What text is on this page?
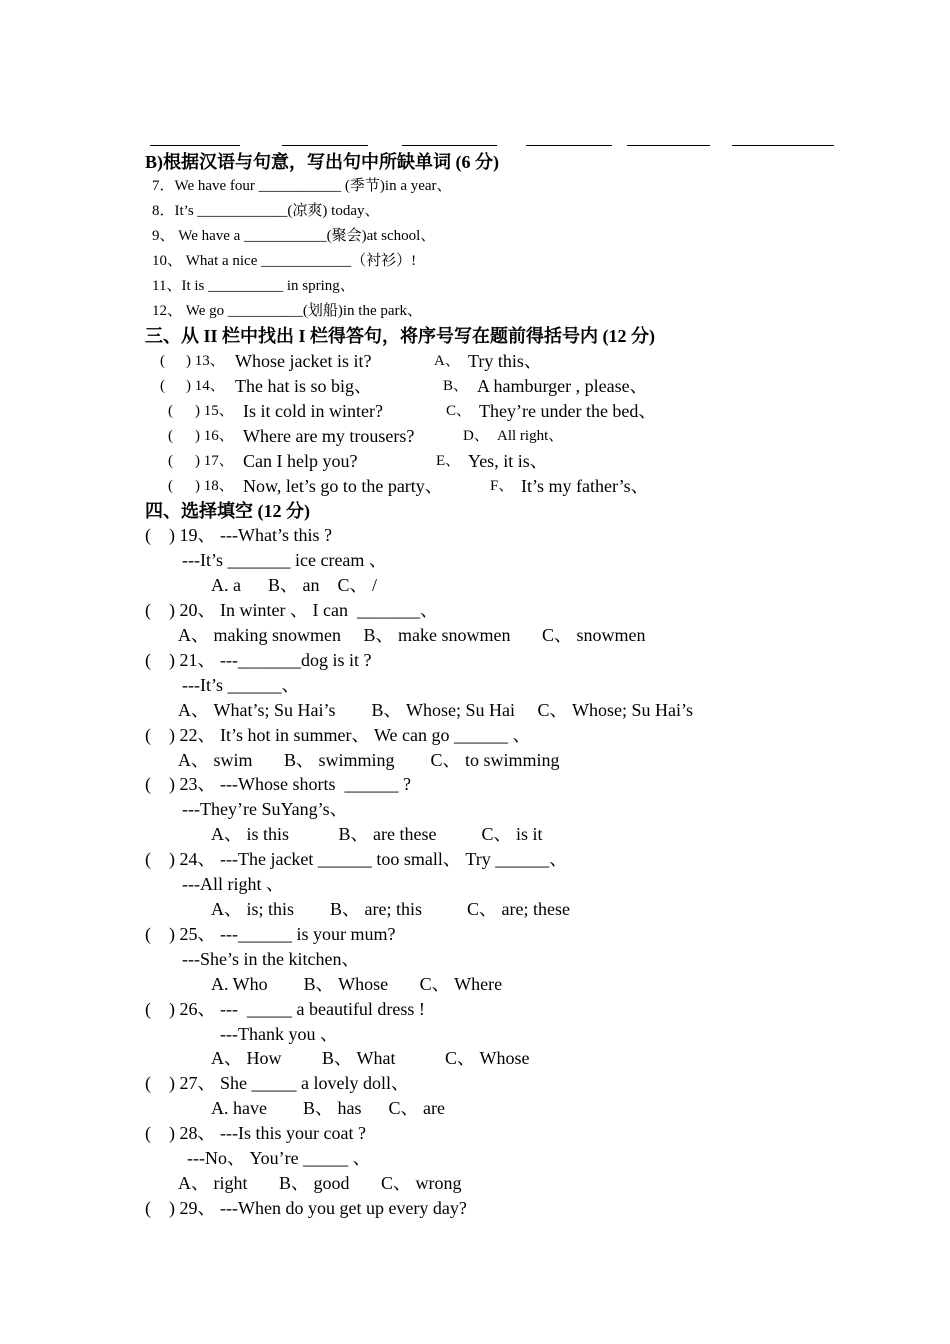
B)根据汉语与句意，写出句中所缺单词 (6 分)
7．We have four ___________ (季节)in a year、
8．It’s ____________(凉爽) today、
9、 We have a ___________(聚会)at school、
10、 What a nice ____________（衬衫）!
11、It is __________ in spring、
12、 We go __________(划船)in the park、
三、从 II 栏中找出 I 栏得答句，将序号写在题前得括号内 (12 分)
( ) 13、 Whose jacket is it?	A、 Try this、
( ) 14、 The hat is so big、	B、 A hamburger , please、
( ) 15、 Is it cold in winter?	C、 They’re under the bed、
( ) 16、 Where are my trousers?	D、 All right、
( ) 17、 Can I help you?	E、 Yes, it is、
( ) 18、 Now, let’s go to the party、	F、 It’s my father’s、
四、选择填空 (12 分)
(    ) 19、 ---What’s this ?
---It’s _______ ice cream 、
A. a      B、 an    C、 /
(    ) 20、 In winter 、 I can  _______、
A、 making snowmen     B、 make snowmen       C、 snowmen
(    ) 21、 ---_______dog is it ?
---It’s ______、
A、 What’s; Su Hai’s        B、 Whose; Su Hai     C、 Whose; Su Hai’s
(    ) 22、 It’s hot in summer、 We can go ______ 、
A、 swim       B、 swimming        C、 to swimming
(    ) 23、 ---Whose shorts  ______ ?
---They’re SuYang’s、
A、 is this           B、 are these          C、 is it
(    ) 24、 ---The jacket ______ too small、 Try ______、
---All right 、
A、 is; this        B、 are; this          C、 are; these
(    ) 25、 ---______ is your mum?
---She’s in the kitchen、
A. Who        B、 Whose       C、 Where
(    ) 26、 ---  _____ a beautiful dress !
---Thank you 、
A、 How         B、 What           C、 Whose
(    ) 27、 She _____ a lovely doll、
A. have        B、 has      C、 are
(    ) 28、 ---Is this your coat ?
---No、 You’re _____ 、
A、 right       B、 good       C、 wrong
(    ) 29、 ---When do you get up every day?
